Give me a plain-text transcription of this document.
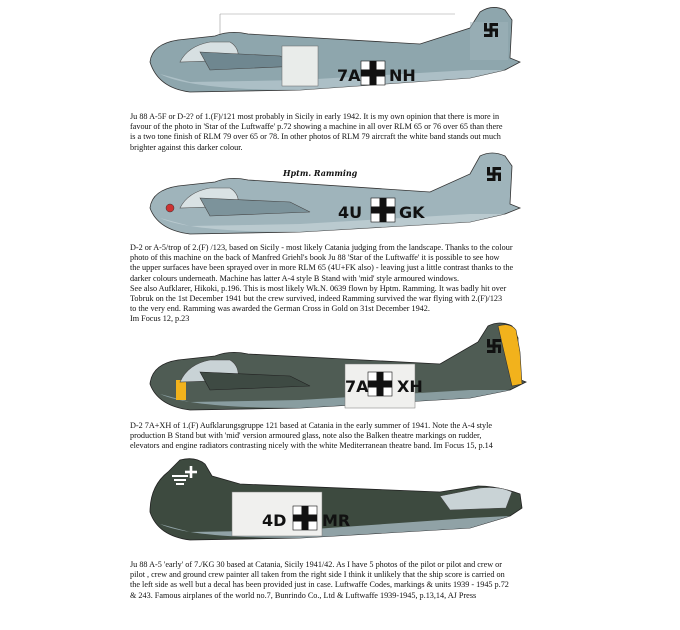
7A NH

Ju 88 A-5F or D-2? of 1.(F)/121 most probably in Sicily in early 1942. It is my own opinion that there is more in
favour of the photo in 'Star of the Luftwaffe' p.72 showing a machine in all over RLM 65 or 76 over 65 than there
is a two tone finish of RLM 79 over 65 or 78. In other photos of RLM 79 aircraft the white band stands out much
brighter against this darker colour.

4U GK
Hptm. Ramming

D-2 or A-5/trop of 2.(F) /123, based on Sicily - most likely Catania judging from the landscape. Thanks to the colour
photo of this machine on the back of Manfred Griehl's book Ju 88 'Star of the Luftwaffe' it is possible to see how
the upper surfaces have been sprayed over in more RLM 65 (4U+FK also) - leaving just a little contrast thanks to the
darker colours underneath. Machine has latter A-4 style B Stand with 'mid' style armoured windows.
See also Aufklarer, Hikoki, p.196. This is most likely Wk.N. 0639 flown by Hptm. Ramming. It was badly hit over
Tobruk on the 1st December 1941 but the crew survived, indeed Ramming survived the war flying with 2.(F)/123
to the very end. Ramming was awarded the German Cross in Gold on 31st December 1942.
Im Focus 12, p.23

7A XH

D-2 7A+XH of 1.(F) Aufklarungsgruppe 121 based at Catania in the early summer of 1941. Note the A-4 style
production B Stand but with 'mid' version armoured glass, note also the Balken theatre markings on rudder,
elevators and engine radiators contrasting nicely with the white Mediterranean theatre band. Im Focus 15, p.14

4D MR

Ju 88 A-5 'early' of 7./KG 30 based at Catania, Sicily 1941/42. As I have 5 photos of the pilot or pilot and crew or
pilot , crew and ground crew painter all taken from the right side I think it unlikely that the ship score is carried on
the left side as well but a decal has been provided just in case. Luftwaffe Codes, markings & units 1939 - 1945 p.72
& 243. Famous airplanes of the world no.7, Bunrindo Co., Ltd & Luftwaffe 1939-1945, p.13,14, AJ Press
